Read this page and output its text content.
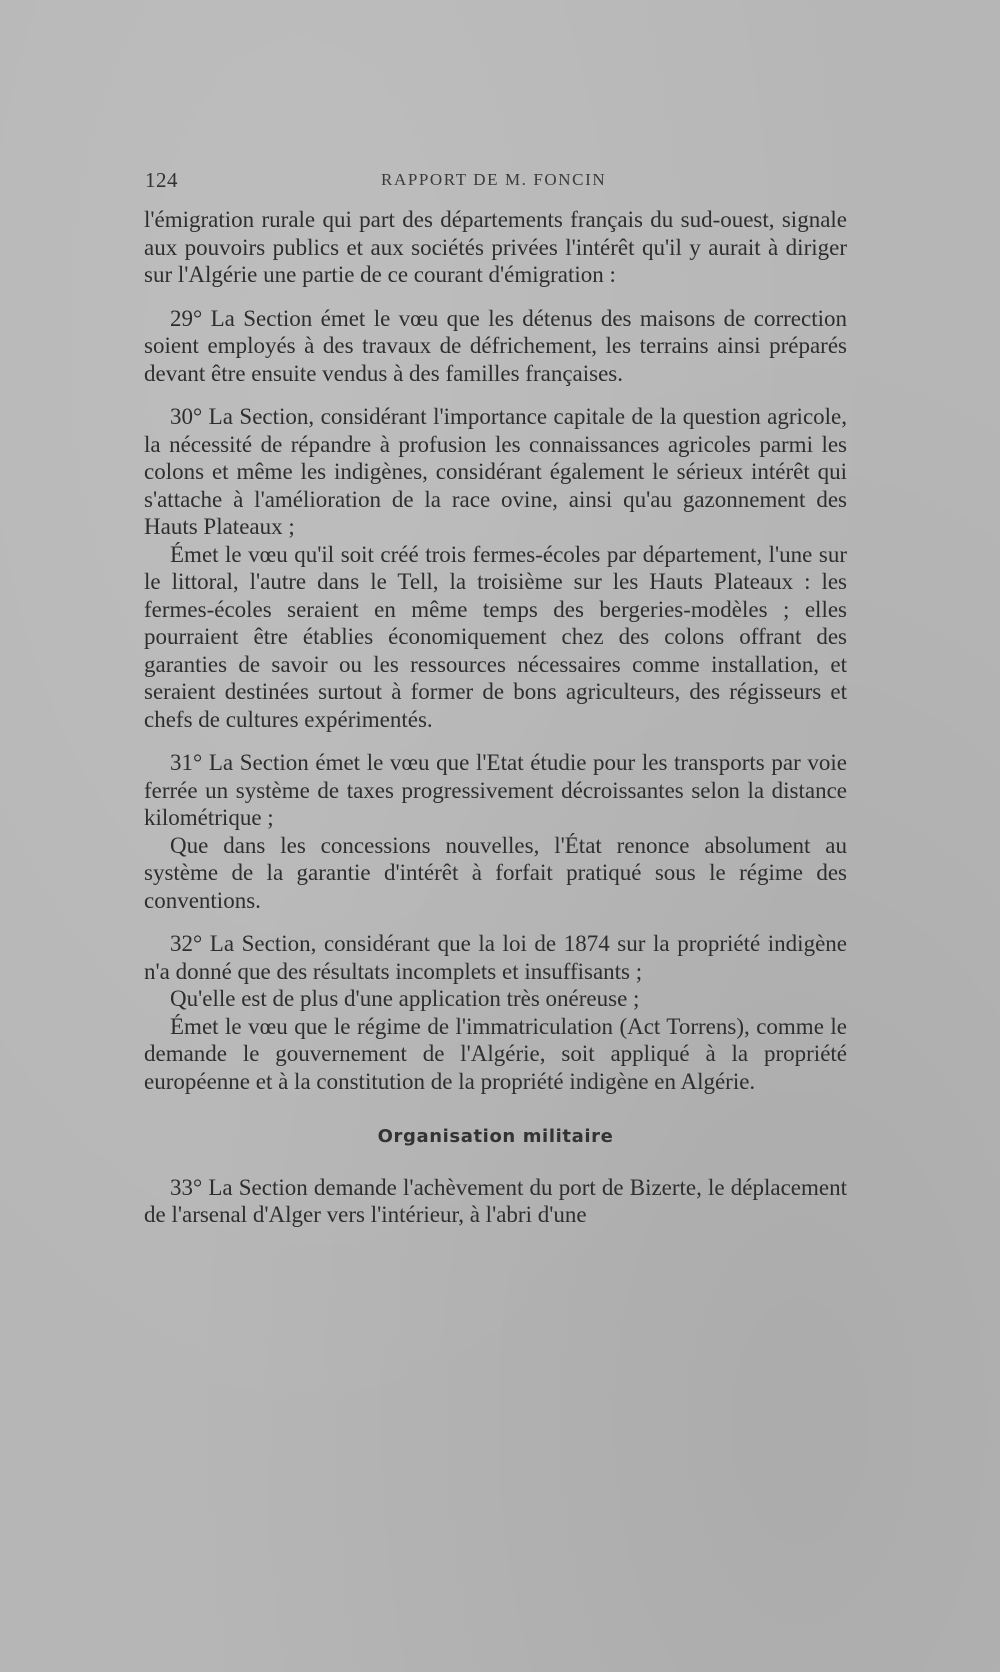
124	RAPPORT DE M. FONCIN

l'émigration rurale qui part des départements français du sud-ouest, signale aux pouvoirs publics et aux sociétés privées l'intérêt qu'il y aurait à diriger sur l'Algérie une partie de ce courant d'émigration :

29° La Section émet le vœu que les détenus des maisons de correction soient employés à des travaux de défrichement, les terrains ainsi préparés devant être ensuite vendus à des familles françaises.

30° La Section, considérant l'importance capitale de la question agricole, la nécessité de répandre à profusion les connaissances agricoles parmi les colons et même les indigènes, considérant également le sérieux intérêt qui s'attache à l'amélioration de la race ovine, ainsi qu'au gazonnement des Hauts Plateaux ;

Émet le vœu qu'il soit créé trois fermes-écoles par département, l'une sur le littoral, l'autre dans le Tell, la troisième sur les Hauts Plateaux : les fermes-écoles seraient en même temps des bergeries-modèles ; elles pourraient être établies économiquement chez des colons offrant des garanties de savoir ou les ressources nécessaires comme installation, et seraient destinées surtout à former de bons agriculteurs, des régisseurs et chefs de cultures expérimentés.

31° La Section émet le vœu que l'Etat étudie pour les transports par voie ferrée un système de taxes progressivement décroissantes selon la distance kilométrique ;

Que dans les concessions nouvelles, l'État renonce absolument au système de la garantie d'intérêt à forfait pratiqué sous le régime des conventions.

32° La Section, considérant que la loi de 1874 sur la propriété indigène n'a donné que des résultats incomplets et insuffisants ;

Qu'elle est de plus d'une application très onéreuse ;

Émet le vœu que le régime de l'immatriculation (Act Torrens), comme le demande le gouvernement de l'Algérie, soit appliqué à la propriété européenne et à la constitution de la propriété indigène en Algérie.

Organisation militaire

33° La Section demande l'achèvement du port de Bizerte, le déplacement de l'arsenal d'Alger vers l'intérieur, à l'abri d'une
